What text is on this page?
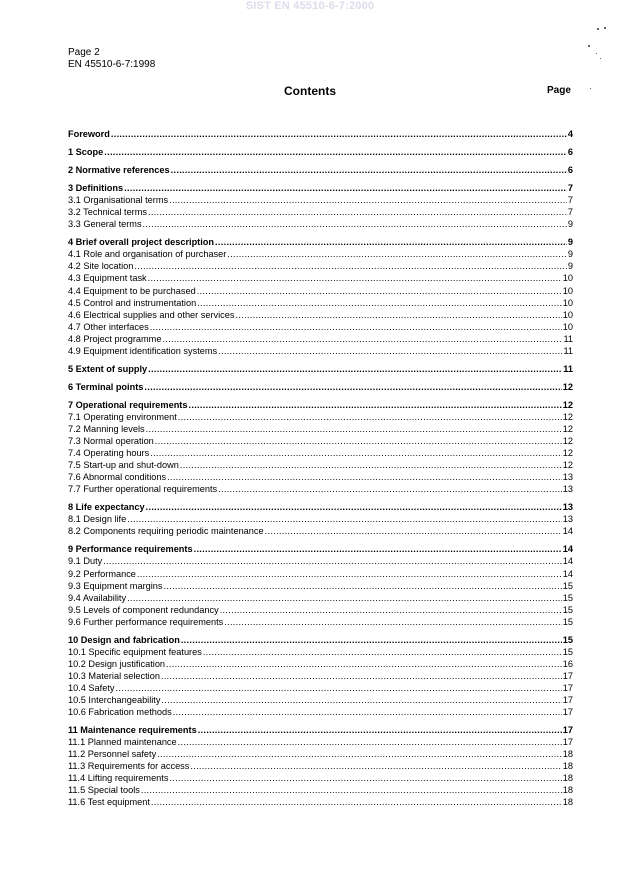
SIST EN 45510-6-7:2000
Page 2
EN 45510-6-7:1998
Contents	Page
Foreword .....	4
1 Scope .....	6
2 Normative references .....	6
3 Definitions .....	7
3.1 Organisational terms .....	7
3.2 Technical terms .....	7
3.3 General terms .....	9
4 Brief overall project description .....	9
4.1 Role and organisation of purchaser .....	9
4.2 Site location .....	9
4.3 Equipment task .....	10
4.4 Equipment to be purchased .....	10
4.5 Control and instrumentation .....	10
4.6 Electrical supplies and other services .....	10
4.7 Other interfaces .....	10
4.8 Project programme .....	11
4.9 Equipment identification systems .....	11
5 Extent of supply .....	11
6 Terminal points .....	12
7 Operational requirements .....	12
7.1 Operating environment .....	12
7.2 Manning levels .....	12
7.3 Normal operation .....	12
7.4 Operating hours .....	12
7.5 Start-up and shut-down .....	12
7.6 Abnormal conditions .....	13
7.7 Further operational requirements .....	13
8 Life expectancy .....	13
8.1 Design life .....	13
8.2 Components requiring periodic maintenance .....	14
9 Performance requirements .....	14
9.1 Duty .....	14
9.2 Performance .....	14
9.3 Equipment margins .....	15
9.4 Availability .....	15
9.5 Levels of component redundancy .....	15
9.6 Further performance requirements .....	15
10 Design and fabrication .....	15
10.1 Specific equipment features .....	15
10.2 Design justification .....	16
10.3 Material selection .....	17
10.4 Safety .....	17
10.5 Interchangeability .....	17
10.6 Fabrication methods .....	17
11 Maintenance requirements .....	17
11.1 Planned maintenance .....	17
11.2 Personnel safety .....	18
11.3 Requirements for access .....	18
11.4 Lifting requirements .....	18
11.5 Special tools .....	18
11.6 Test equipment .....	18
